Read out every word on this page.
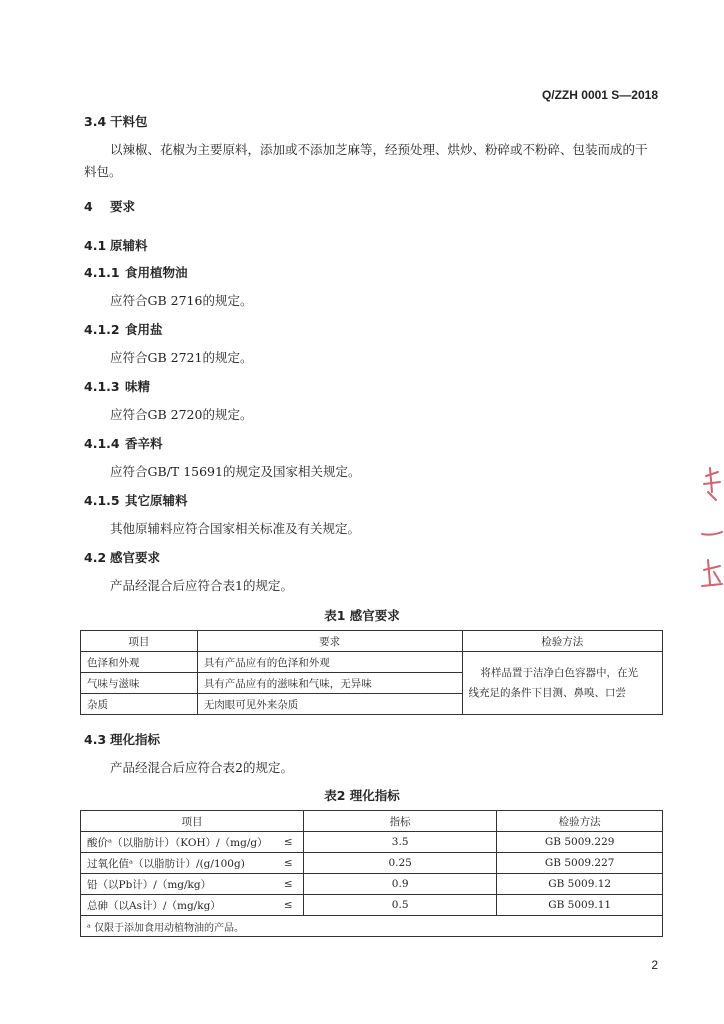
Q/ZZH 0001 S—2018
3.4 干料包
以辣椒、花椒为主要原料，添加或不添加芝麻等，经预处理、烘炒、粉碎或不粉碎、包装而成的干
料包。
4 要求
4.1 原辅料
4.1.1 食用植物油
应符合GB 2716的规定。
4.1.2 食用盐
应符合GB 2721的规定。
4.1.3 味精
应符合GB 2720的规定。
4.1.4 香辛料
应符合GB/T 15691的规定及国家相关规定。
4.1.5 其它原辅料
其他原辅料应符合国家相关标准及有关规定。
4.2 感官要求
产品经混合后应符合表1的规定。
表1 感官要求
项目	要求	检验方法
色泽和外观	具有产品应有的色泽和外观	将样品置于洁净白色容器中，在光
线充足的条件下目测、鼻嗅、口尝

气味与滋味	具有产品应有的滋味和气味，无异味	
杂质	无肉眼可见外来杂质	
4.3 理化指标
产品经混合后应符合表2的规定。
表2 理化指标
项目		指标	检验方法
酸价ᵃ（以脂肪计）（KOH）/（mg/g）	≤	3.5	GB 5009.229
过氧化值ᵃ（以脂肪计）/(g/100g)	≤	0.25	GB 5009.227
铅（以Pb计）/（mg/kg）	≤	0.9	GB 5009.12
总砷（以As计）/（mg/kg）	≤	0.5	GB 5009.11
ᵃ 仅限于添加食用动植物油的产品。			
2
